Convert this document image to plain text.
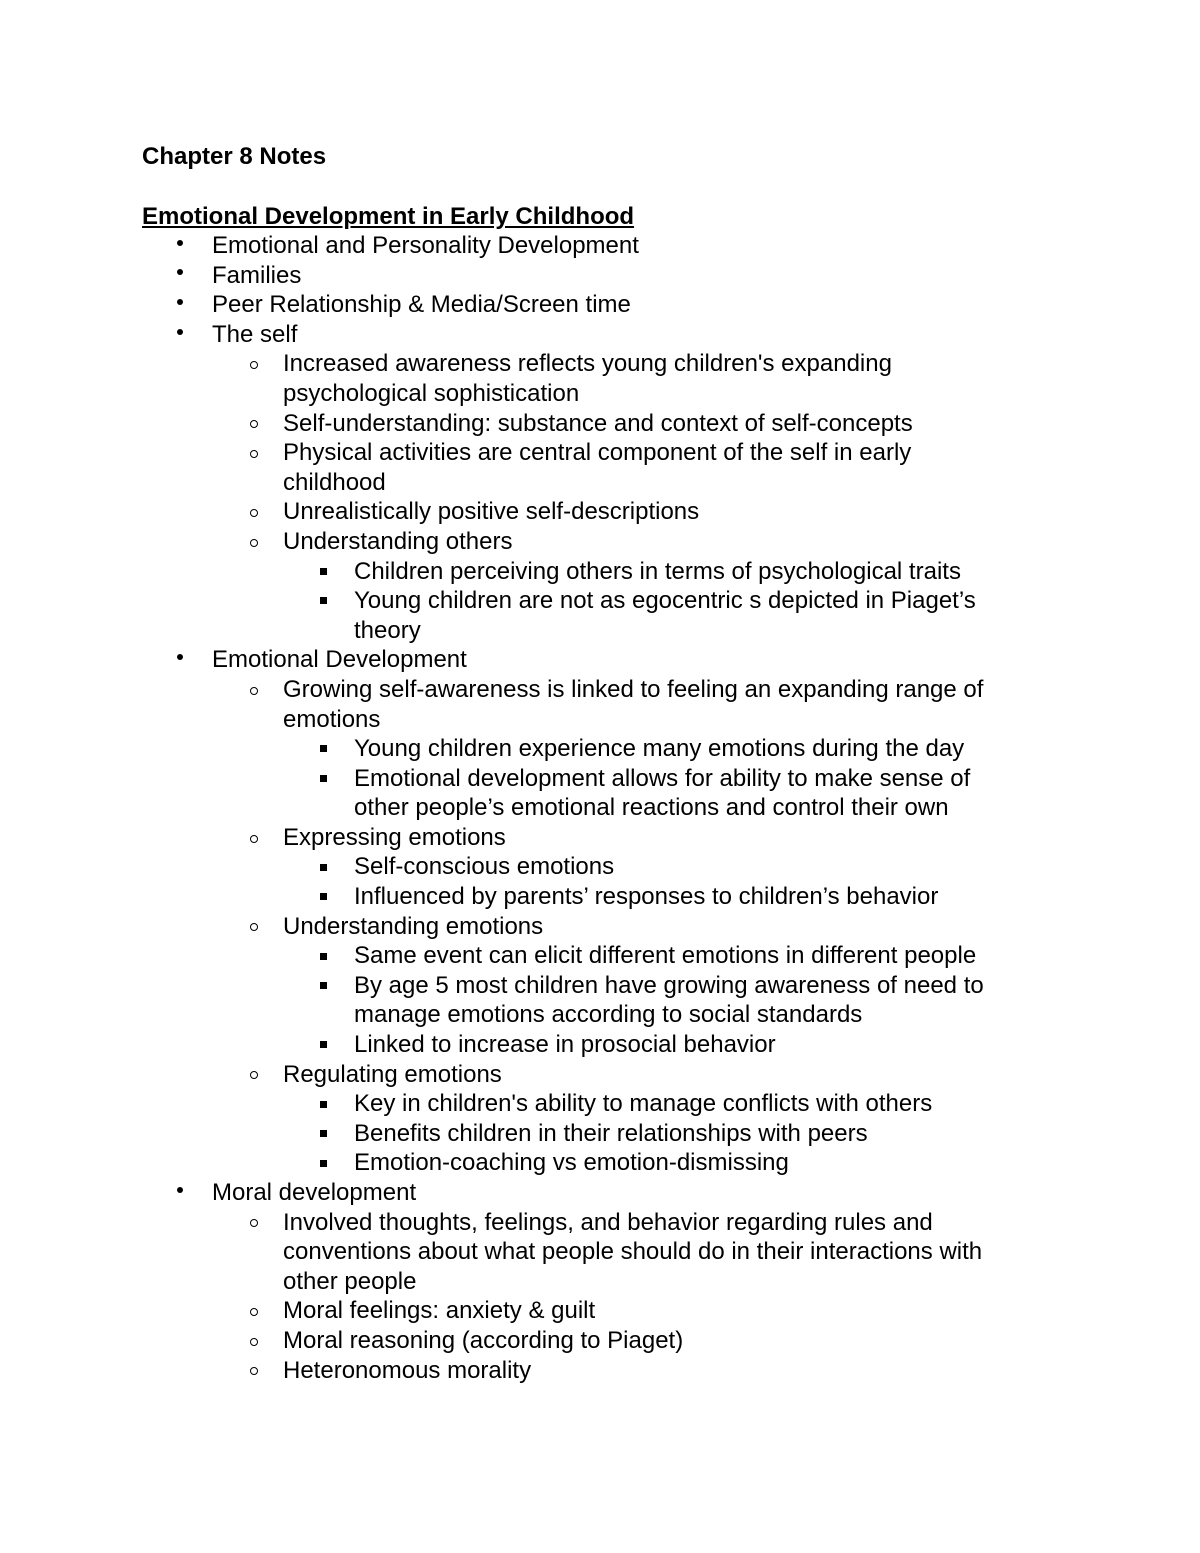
Chapter 8 Notes
Emotional Development in Early Childhood
Emotional and Personality Development
Families
Peer Relationship & Media/Screen time
The self
Increased awareness reflects young children's expanding
psychological sophistication
Self-understanding: substance and context of self-concepts
Physical activities are central component of the self in early
childhood
Unrealistically positive self-descriptions
Understanding others
Children perceiving others in terms of psychological traits
Young children are not as egocentric s depicted in Piaget’s
theory
Emotional Development
Growing self-awareness is linked to feeling an expanding range of
emotions
Young children experience many emotions during the day
Emotional development allows for ability to make sense of
other people’s emotional reactions and control their own
Expressing emotions
Self-conscious emotions
Influenced by parents’ responses to children’s behavior
Understanding emotions
Same event can elicit different emotions in different people
By age 5 most children have growing awareness of need to
manage emotions according to social standards
Linked to increase in prosocial behavior
Regulating emotions
Key in children's ability to manage conflicts with others
Benefits children in their relationships with peers
Emotion-coaching vs emotion-dismissing
Moral development
Involved thoughts, feelings, and behavior regarding rules and
conventions about what people should do in their interactions with
other people
Moral feelings: anxiety & guilt
Moral reasoning (according to Piaget)
Heteronomous morality
